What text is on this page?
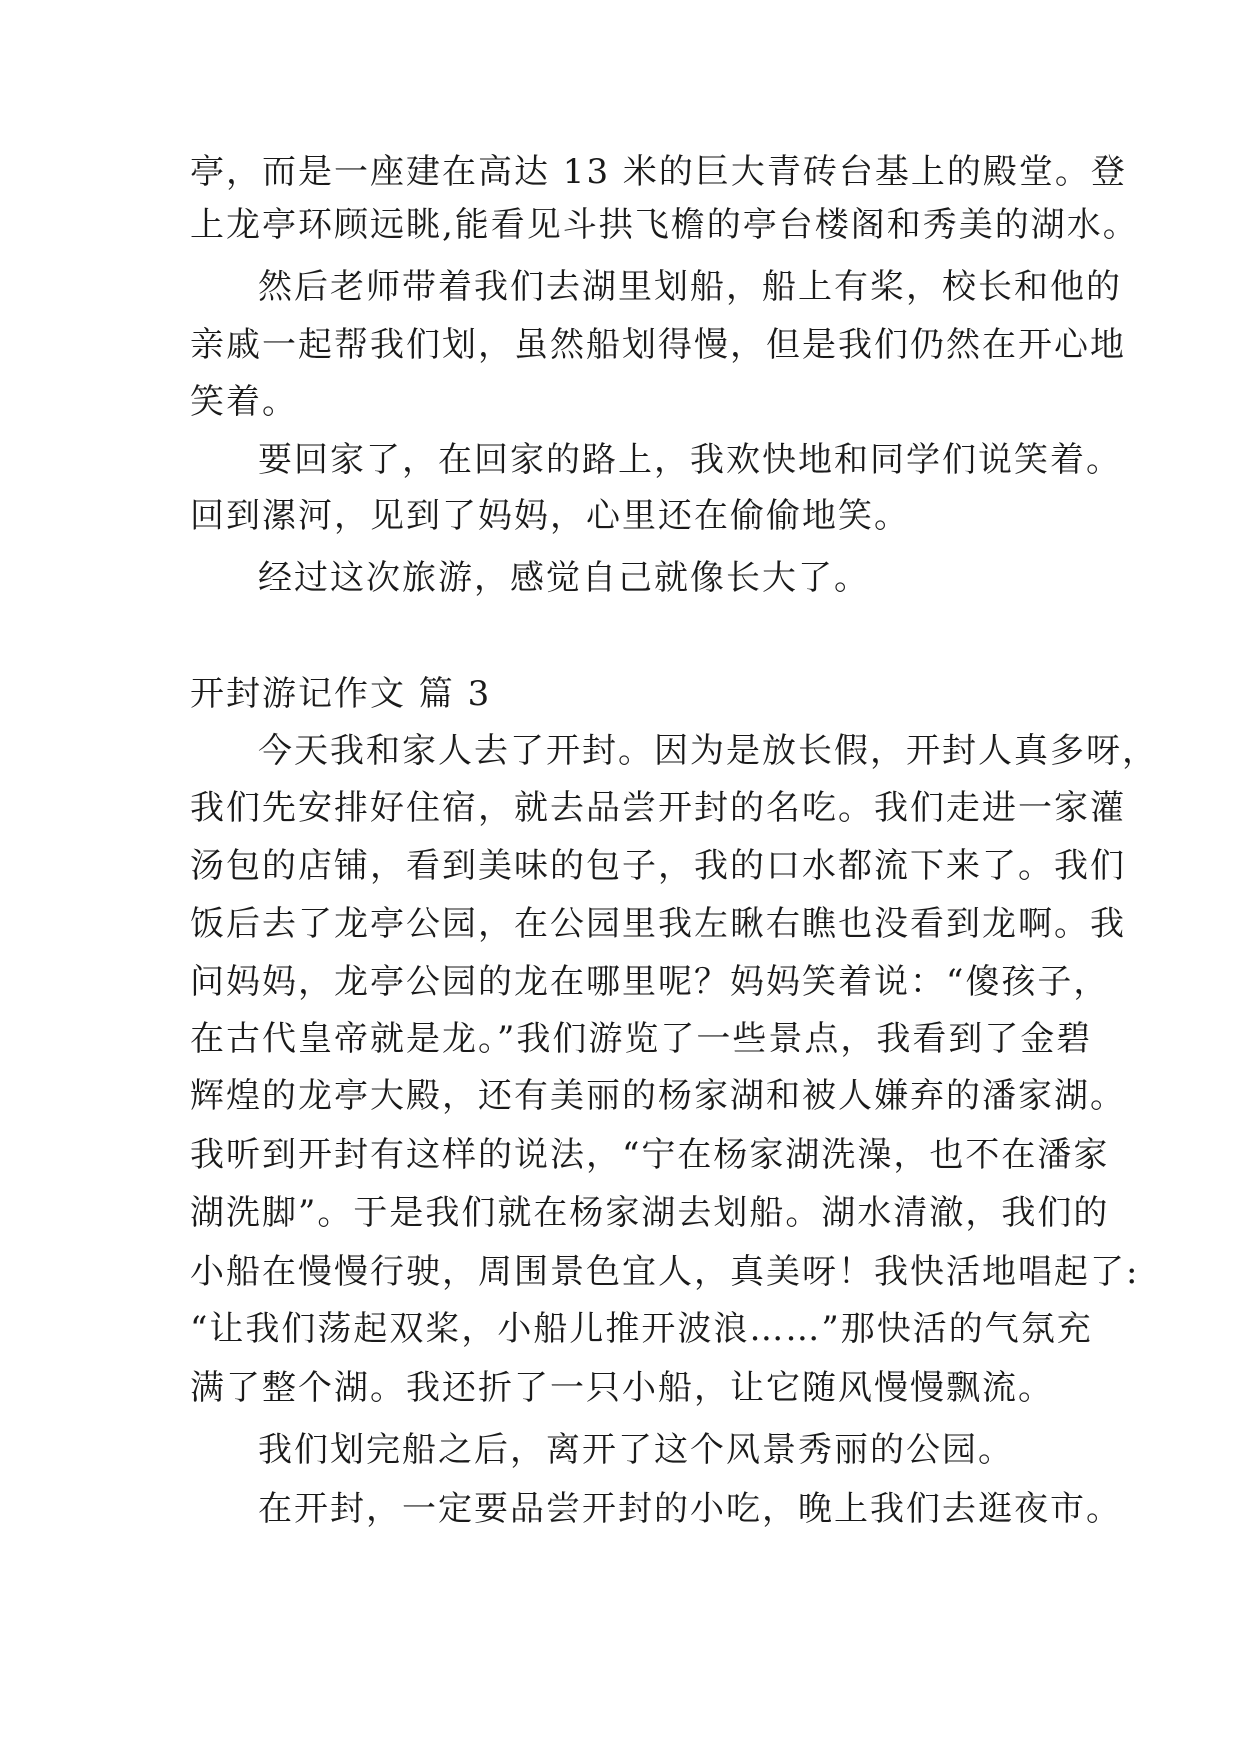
亭，而是一座建在高达 13 米的巨大青砖台基上的殿堂。登
上龙亭环顾远眺,能看见斗拱飞檐的亭台楼阁和秀美的湖水。
然后老师带着我们去湖里划船，船上有桨，校长和他的
亲戚一起帮我们划，虽然船划得慢，但是我们仍然在开心地
笑着。
要回家了，在回家的路上，我欢快地和同学们说笑着。
回到漯河，见到了妈妈，心里还在偷偷地笑。
经过这次旅游，感觉自己就像长大了。
开封游记作文 篇 3
今天我和家人去了开封。因为是放长假，开封人真多呀，
我们先安排好住宿，就去品尝开封的名吃。我们走进一家灌
汤包的店铺，看到美味的包子，我的口水都流下来了。我们
饭后去了龙亭公园，在公园里我左瞅右瞧也没看到龙啊。我
问妈妈，龙亭公园的龙在哪里呢？妈妈笑着说：“傻孩子，
在古代皇帝就是龙。”我们游览了一些景点，我看到了金碧
辉煌的龙亭大殿，还有美丽的杨家湖和被人嫌弃的潘家湖。
我听到开封有这样的说法，“宁在杨家湖洗澡，也不在潘家
湖洗脚”。于是我们就在杨家湖去划船。湖水清澈，我们的
小船在慢慢行驶，周围景色宜人，真美呀！我快活地唱起了:
“让我们荡起双桨，小船儿推开波浪……”那快活的气氛充
满了整个湖。我还折了一只小船，让它随风慢慢飘流。
我们划完船之后，离开了这个风景秀丽的公园。
在开封，一定要品尝开封的小吃，晚上我们去逛夜市。
